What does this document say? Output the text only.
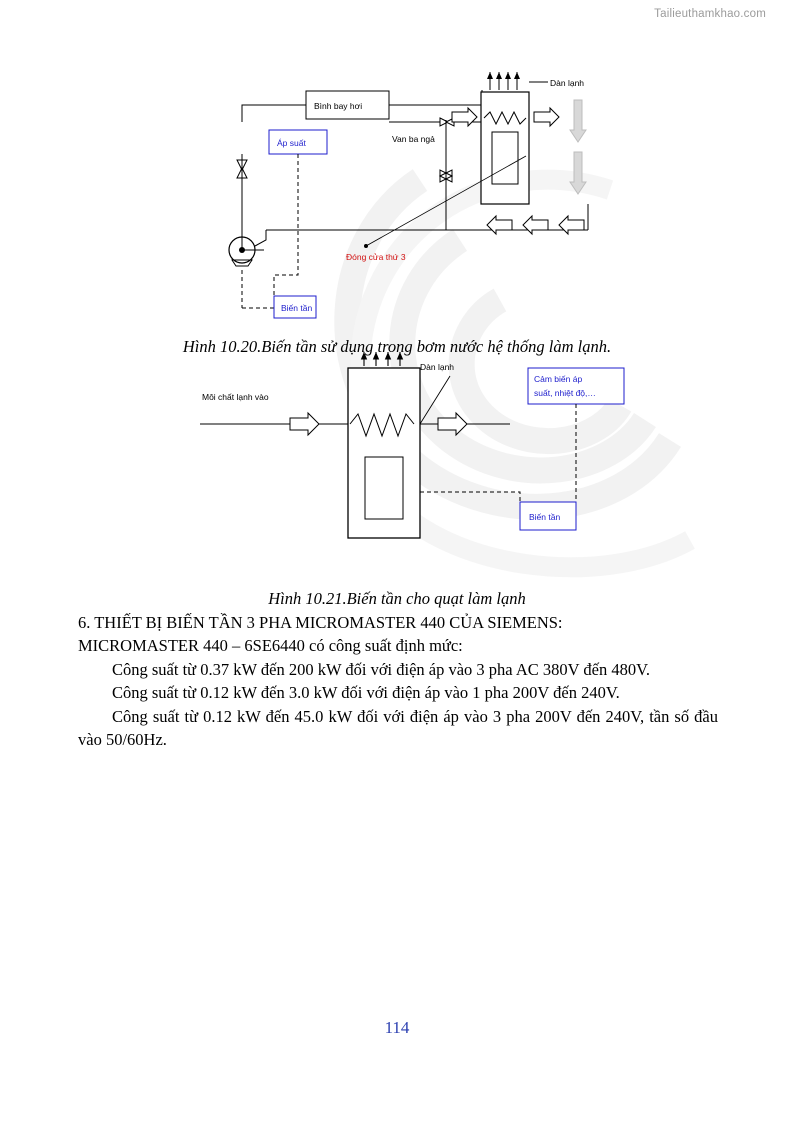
Tailieuthamkhao.com
Bình bay hơi
Áp suất	Van ba ngả
Dàn lạnh
Đóng cửa thứ 3
Biến tần
Hình 10.20.Biến tần sử dụng trong bơm nước hệ thống làm lạnh.
Dàn lạnh
Môi chất lạnh vào
Cảm biến áp
suất, nhiệt độ,…
Biến tần
Hình 10.21.Biến tần cho quạt làm lạnh

6. THIẾT BỊ BIẾN TẦN 3 PHA MICROMASTER 440 CỦA SIEMENS:

MICROMASTER 440 – 6SE6440 có công suất định mức:

Công suất từ 0.37 kW đến 200 kW đối với điện áp vào 3 pha AC 380V đến 480V.

Công suất từ 0.12 kW đến 3.0 kW đối với điện áp vào 1 pha 200V đến 240V.

Công suất từ 0.12 kW đến 45.0 kW đối với điện áp vào 3 pha 200V đến 240V, tần số đầu vào 50/60Hz.

114
